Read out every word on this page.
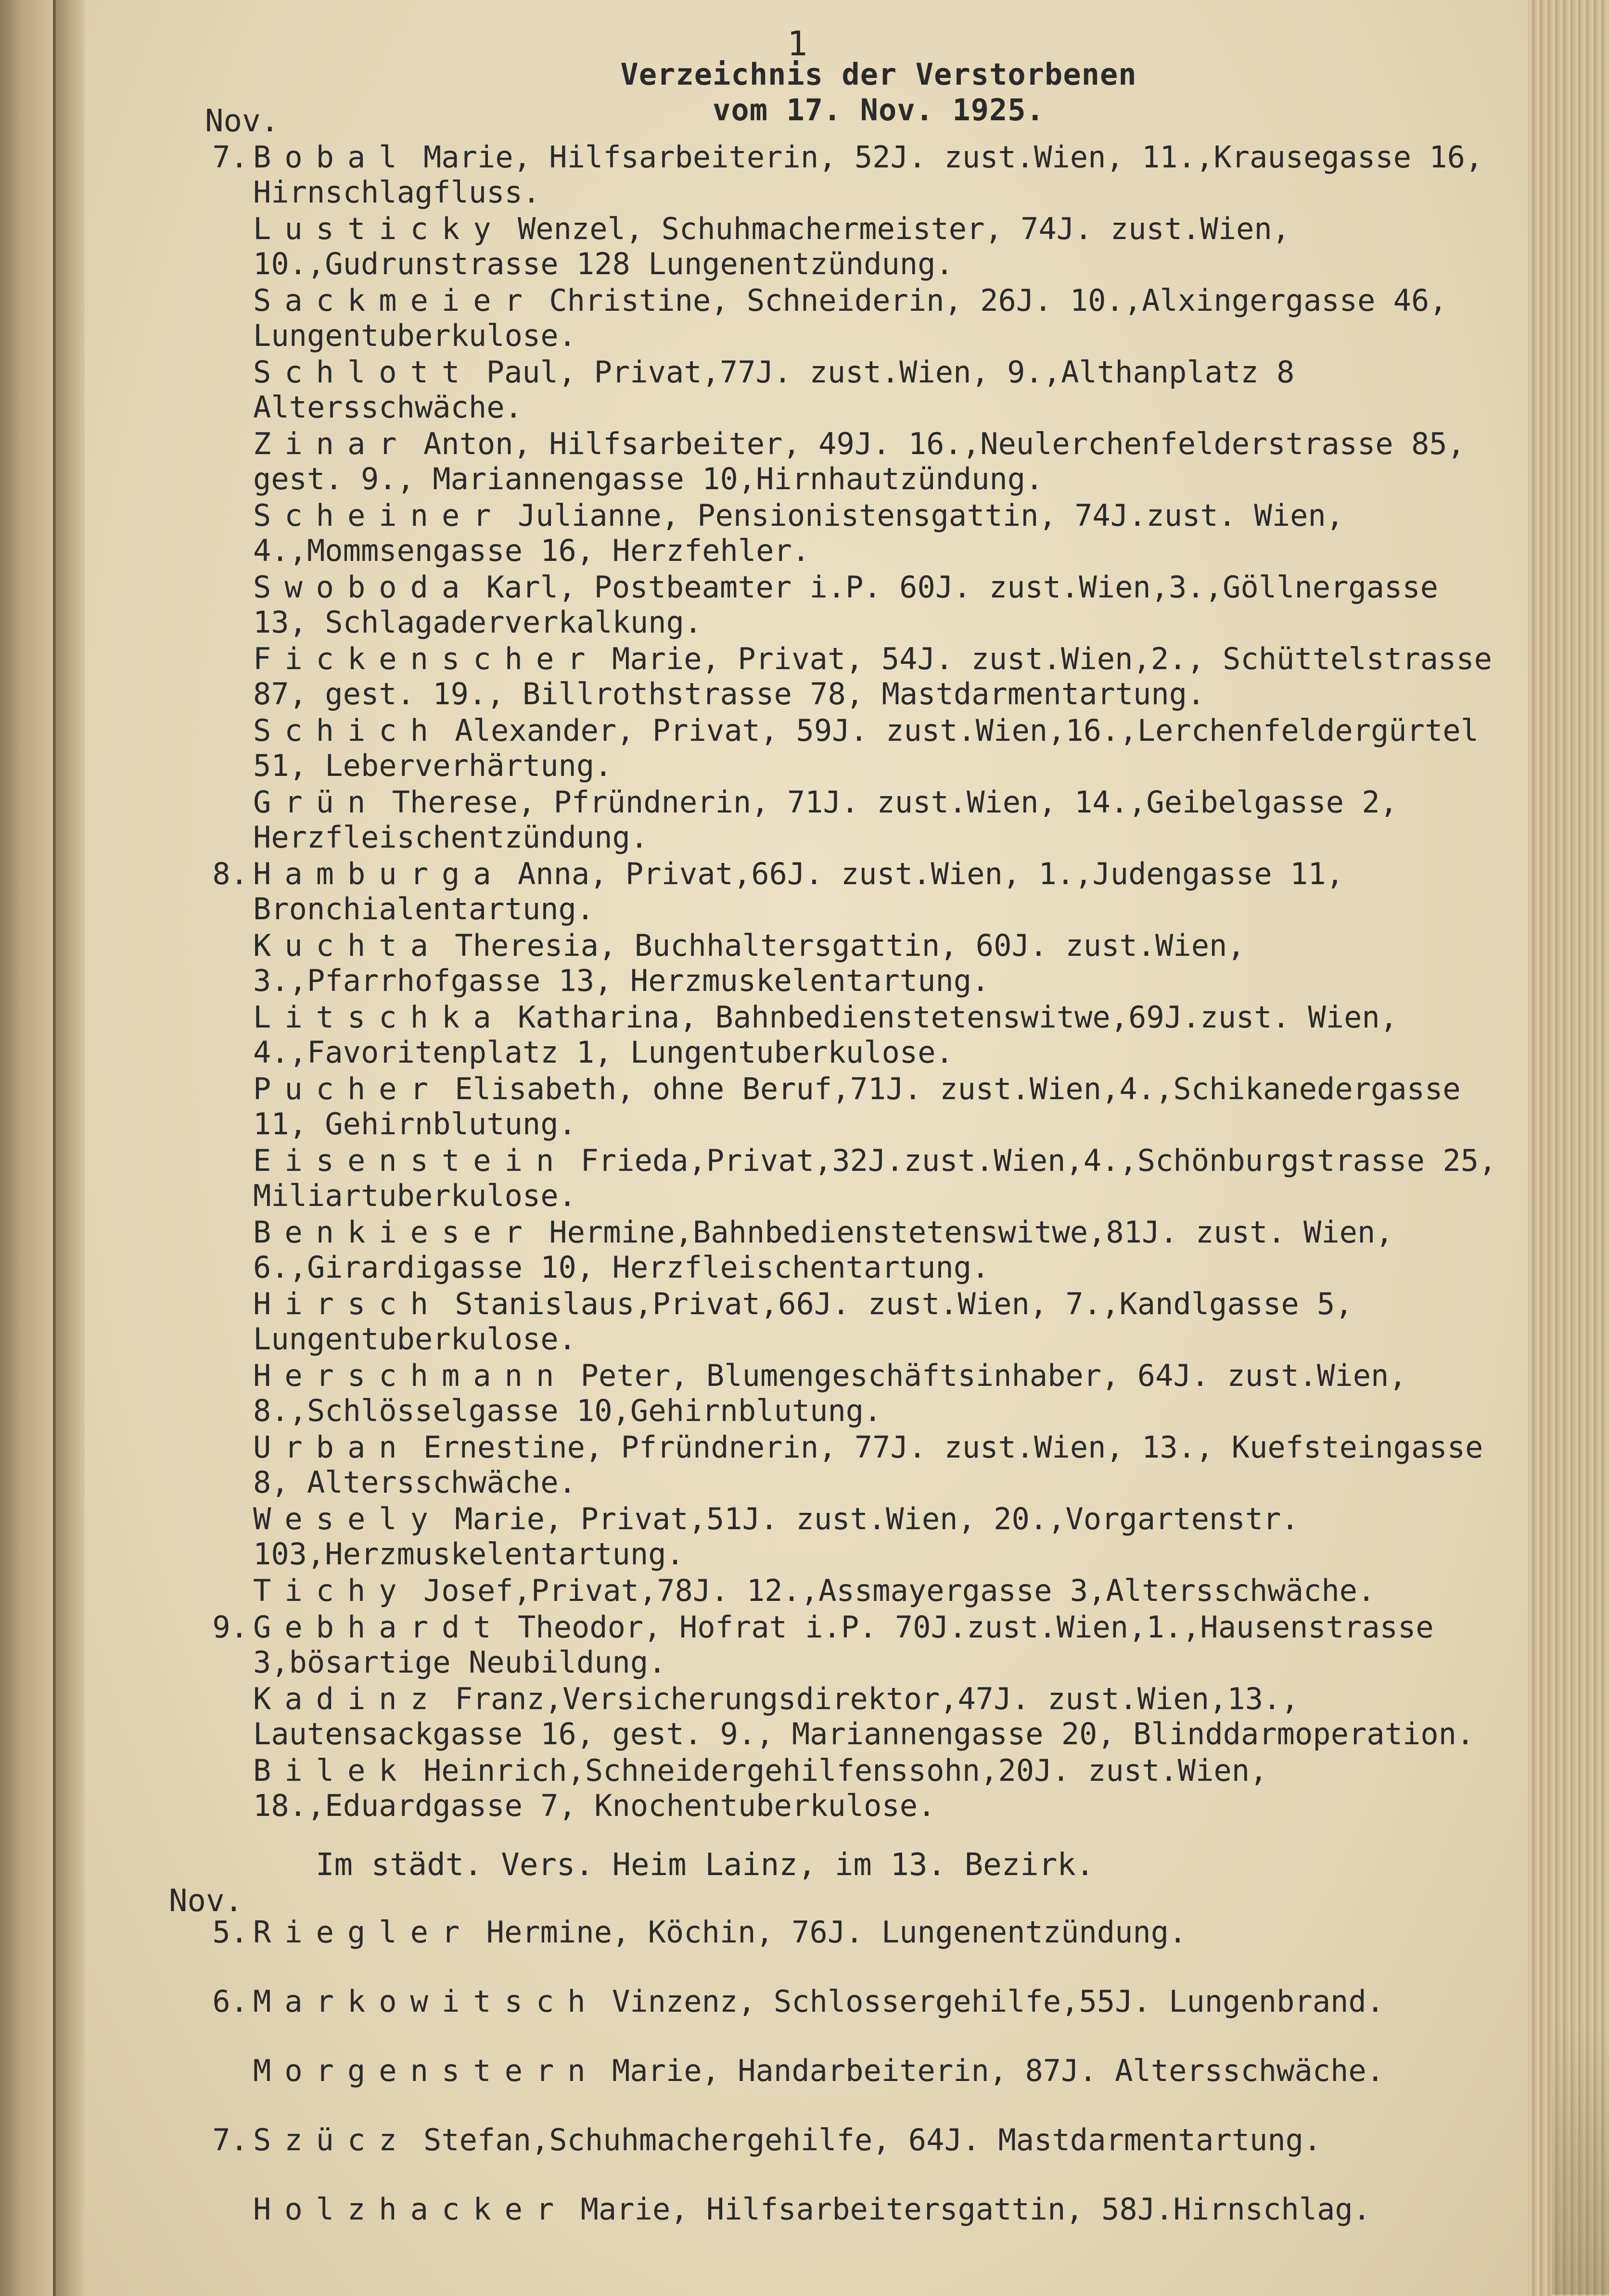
1
Verzeichnis der Verstorbenen
vom 17. Nov. 1925.
Nov.
7. Bobal Marie, Hilfsarbeiterin, 52J. zust.Wien, 11.,Krausegasse 16, Hirnschlagfluss.
Lusticky Wenzel, Schuhmachermeister, 74J. zust.Wien, 10.,Gudrunstrasse 128 Lungenentzündung.
Sackmeier Christine, Schneiderin, 26J. 10.,Alxingergasse 46, Lungentuberkulose.
Schlott Paul, Privat,77J. zust.Wien, 9.,Althanplatz 8 Altersschwäche.
Zinar Anton, Hilfsarbeiter, 49J. 16.,Neulerchenfelderstrasse 85, gest. 9., Mariannengasse 10,Hirnhautzündung.
Scheiner Julianne, Pensionistensgattin, 74J.zust. Wien, 4.,Mommsengasse 16, Herzfehler.
Swoboda Karl, Postbeamter i.P. 60J. zust.Wien,3.,Göllnergasse 13, Schlagaderverkalkung.
Fickenscher Marie, Privat, 54J. zust.Wien,2., Schüttelstrasse 87, gest. 19., Billrothstrasse 78, Mastdarmentartung.
Schich Alexander, Privat, 59J. zust.Wien,16.,Lerchenfeldergürtel 51, Leberverhärtung.
Grün Therese, Pfründnerin, 71J. zust.Wien, 14.,Geibelgasse 2, Herzfleischentzündung.
8. Hamburga Anna, Privat,66J. zust.Wien, 1.,Judengasse 11, Bronchialentartung.
Kuchta Theresia, Buchhaltersgattin, 60J. zust.Wien, 3.,Pfarrhofgasse 13, Herzmuskelentartung.
Litschka Katharina, Bahnbedienstetenswitwe,69J.zust. Wien, 4.,Favoritenplatz 1, Lungentuberkulose.
Pucher Elisabeth, ohne Beruf,71J. zust.Wien,4.,Schikanedergasse 11, Gehirnblutung.
Eisenstein Frieda,Privat,32J.zust.Wien,4.,Schönburgstrasse 25, Miliartuberkulose.
Benkieser Hermine,Bahnbedienstetenswitwe,81J. zust. Wien, 6.,Girardigasse 10, Herzfleischentartung.
Hirsch Stanislaus,Privat,66J. zust.Wien, 7.,Kandlgasse 5, Lungentuberkulose.
Herschmann Peter, Blumengeschäftsinhaber, 64J. zust.Wien, 8.,Schlösselgasse 10,Gehirnblutung.
Urban Ernestine, Pfründnerin, 77J. zust.Wien, 13., Kuefsteingasse 8, Altersschwäche.
Wesely Marie, Privat,51J. zust.Wien, 20.,Vorgartenstr. 103,Herzmuskelentartung.
Tichy Josef,Privat,78J. 12.,Assmayergasse 3,Altersschwäche.
9. Gebhardt Theodor, Hofrat i.P. 70J.zust.Wien,1.,Hausenstrasse 3,bösartige Neubildung.
Kadinz Franz,Versicherungsdirektor,47J. zust.Wien,13., Lautensackgasse 16, gest. 9., Mariannengasse 20, Blinddarmoperation.
Bilek Heinrich,Schneidergehilfenssohn,20J. zust.Wien, 18.,Eduardgasse 7, Knochentuberkulose.
Im städt. Vers. Heim Lainz, im 13. Bezirk.
Nov.
5. Riegler Hermine, Köchin, 76J. Lungenentzündung.
6. Markowitsch Vinzenz, Schlossergehilfe,55J. Lungenbrand.
Morgenstern Marie, Handarbeiterin, 87J. Altersschwäche.
7. Szücz Stefan,Schuhmachergehilfe, 64J. Mastdarmentartung.
Holzhacker Marie, Hilfsarbeitersgattin, 58J.Hirnschlag.
